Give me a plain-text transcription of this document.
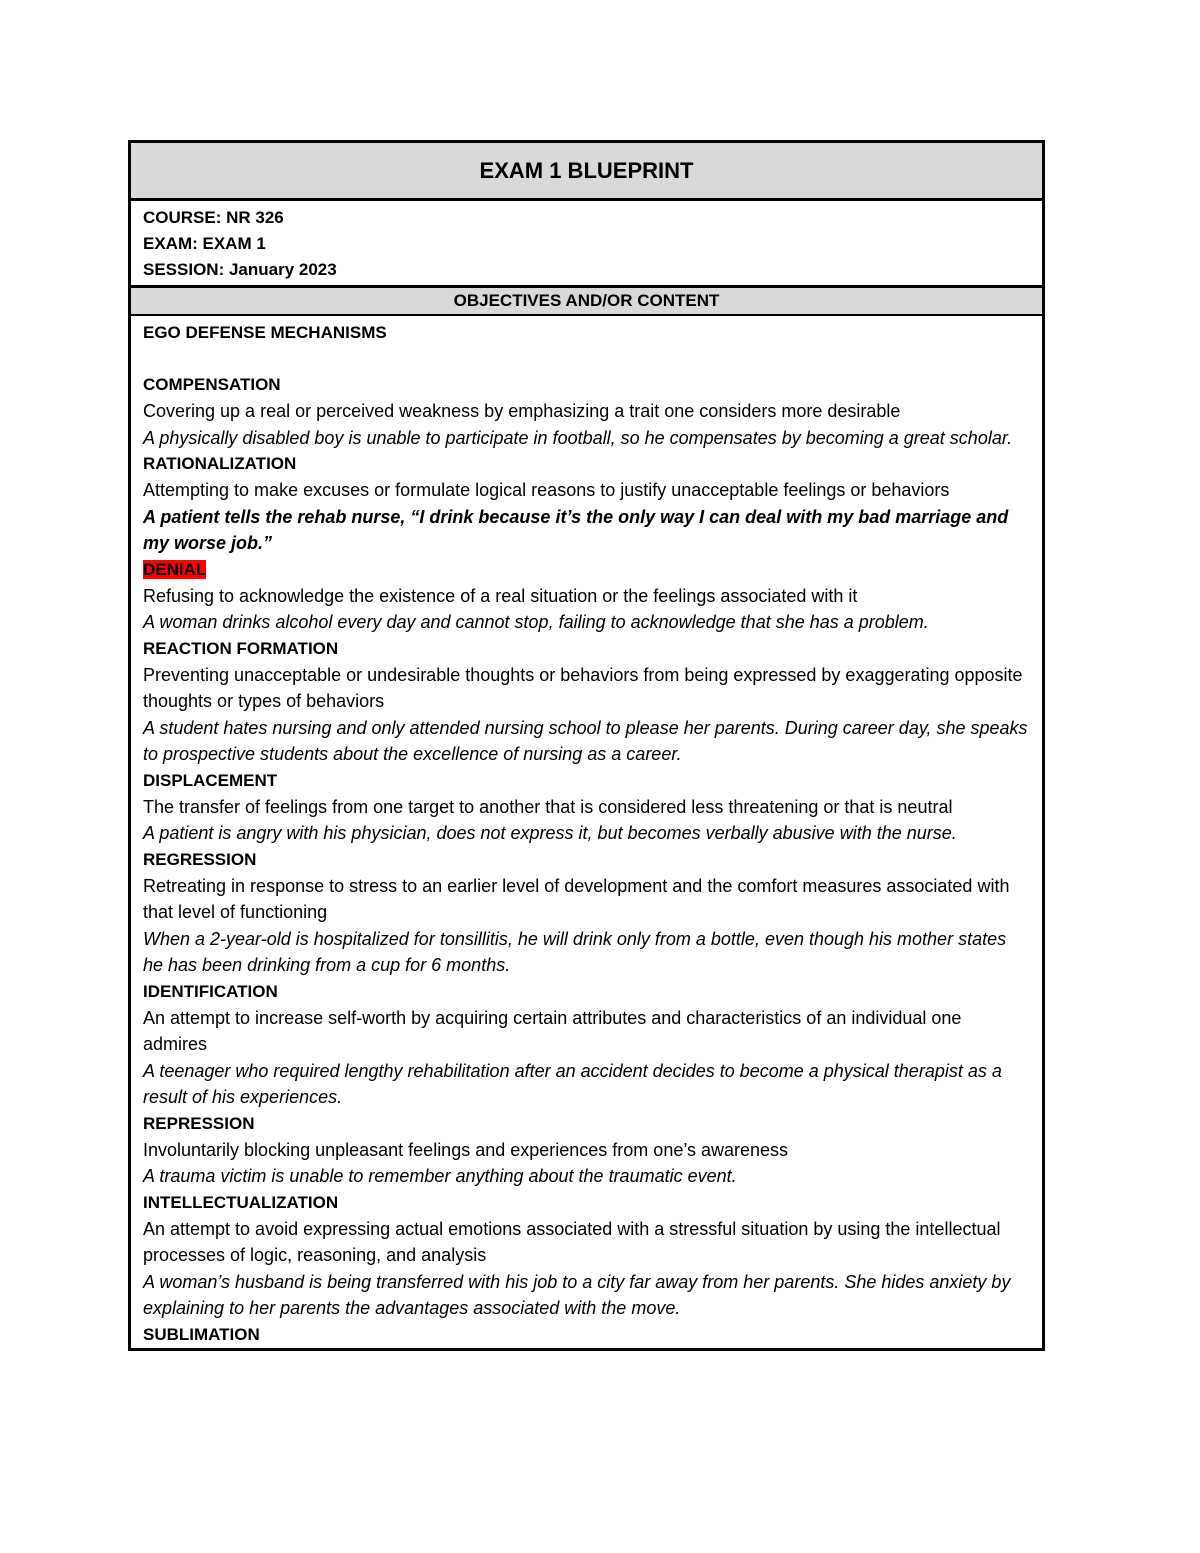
EXAM 1 BLUEPRINT
COURSE: NR 326
EXAM: EXAM 1
SESSION: January 2023
OBJECTIVES AND/OR CONTENT
EGO DEFENSE MECHANISMS
COMPENSATION
Covering up a real or perceived weakness by emphasizing a trait one considers more desirable
A physically disabled boy is unable to participate in football, so he compensates by becoming a great scholar.
RATIONALIZATION
Attempting to make excuses or formulate logical reasons to justify unacceptable feelings or behaviors
A patient tells the rehab nurse, “I drink because it’s the only way I can deal with my bad marriage and my worse job.”
DENIAL
Refusing to acknowledge the existence of a real situation or the feelings associated with it
A woman drinks alcohol every day and cannot stop, failing to acknowledge that she has a problem.
REACTION FORMATION
Preventing unacceptable or undesirable thoughts or behaviors from being expressed by exaggerating opposite thoughts or types of behaviors
A student hates nursing and only attended nursing school to please her parents. During career day, she speaks to prospective students about the excellence of nursing as a career.
DISPLACEMENT
The transfer of feelings from one target to another that is considered less threatening or that is neutral
A patient is angry with his physician, does not express it, but becomes verbally abusive with the nurse.
REGRESSION
Retreating in response to stress to an earlier level of development and the comfort measures associated with that level of functioning
When a 2-year-old is hospitalized for tonsillitis, he will drink only from a bottle, even though his mother states he has been drinking from a cup for 6 months.
IDENTIFICATION
An attempt to increase self-worth by acquiring certain attributes and characteristics of an individual one admires
A teenager who required lengthy rehabilitation after an accident decides to become a physical therapist as a result of his experiences.
REPRESSION
Involuntarily blocking unpleasant feelings and experiences from one’s awareness
A trauma victim is unable to remember anything about the traumatic event.
INTELLECTUALIZATION
An attempt to avoid expressing actual emotions associated with a stressful situation by using the intellectual processes of logic, reasoning, and analysis
A woman’s husband is being transferred with his job to a city far away from her parents. She hides anxiety by explaining to her parents the advantages associated with the move.
SUBLIMATION
